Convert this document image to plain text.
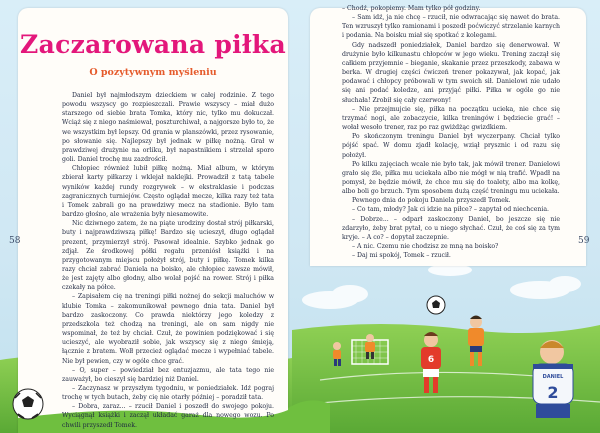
58	59
Zaczarowana piłka
O pozytywnym myśleniu

Daniel był najmłodszym dzieckiem w całej rodzinie. Z tego powodu wszyscy go rozpieszczali. Prawie wszyscy – miał dużo starszego od siebie brata Tomka, który nic, tylko mu dokuczał. Wciąż się z niego naśmiewał, poszturchiwał, a najgorsze było to, że we wszystkim był lepszy. Od grania w planszówki, przez rysowanie, po słowanie się. Najlepszy był jednak w piłkę nożną. Grał w prawdziwej drużynie na orliku, był napastnikiem i strzelał sporo goli. Daniel trochę mu zazdrościł.

Chłopiec również lubił piłkę nożną. Miał album, w którym zbierał karty piłkarzy i wklejał naklejki. Prowadził z tatą tabele wyników każdej rundy rozgrywek – w ekstraklasie i podczas zagranicznych turniejów. Często oglądał mecze, kilka razy też tata i Tomek zabrali go na prawdziwy mecz na stadionie. Było tam bardzo głośno, ale wrażenia były niesamowite.

Nic dziwnego zatem, że na piąte urodziny dostał strój piłkarski, buty i najprawdziwszą piłkę! Bardzo się ucieszył, długo oglądał prezent, przymierzył strój. Pasował idealnie. Szybko jednak go zdjął. Ze środkowej półki regału przeniósł książki i na przygotowanym miejscu położył strój, buty i piłkę. Tomek kilka razy chciał zabrać Daniela na boisko, ale chłopiec zawsze mówił, że jest zajęty albo głodny, albo wolał pojść na rower. Strój i piłka czekały na półce.

– Zapisałem cię na treningi piłki nożnej do sekcji maluchów w klubie Tomka – zakomunikował pewnego dnia tata. Daniel był bardzo zaskoczony. Co prawda niektórzy jego koledzy z przedszkola też chodzą na treningi, ale on sam nigdy nie wspominał, że też by chciał. Czuł, że powinien podziękować i się ucieszyć, ale wyobraził sobie, jak wszyscy się z niego śmieją, łącznie z bratem. Wolł przecież oglądać mecze i wypełniać tabele. Nie był pewien, czy w ogóle chce grać.

– O, super – powiedział bez entuzjazmu, ale tata tego nie zauważył, bo cieszył się bardziej niż Daniel.

– Zaczynasz w przyszłym tygodniu, w poniedziałek. Idź pograj trochę w tych butach, żeby cię nie otarły później – poradził tata.

– Dobra, zaraz... – rzucił Daniel i poszedł do swojego pokoju. Wyciągnął książki i zaczął układać garaż dla nowego wozu. Po chwili przyszedł Tomek.

– Chodź, pokopiemy. Mam tylko pół godziny.

– Sam idź, ja nie chcę – rzucił, nie odwracając się nawet do brata. Ten wzruszył tylko ramionami i poszedł poćwiczyć strzelanie karnych i podania. Na boisku miał się spotkać z kolegami.

Gdy nadszedł poniedziałek, Daniel bardzo się denerwował. W drużynie było kilkunastu chłopców w jego wieku. Trening zaczął się całkiem przyjemnie – bieganie, skakanie przez przeszkody, zabawa w berka. W drugiej części ćwiczeń trener pokazywał, jak kopać, jak podawać i chłopcy próbowali w tym swoich sił. Danielowi nie udało się ani podać koledze, ani przyjąć piłki. Piłka w ogóle go nie słuchała! Zrobił się cały czerwony!

– Nie przejmujcie się, piłka na początku ucieka, nie chce się trzymać nogi, ale zobaczycie, kilka treningów i będziecie grać! – wołał wesoło trener, raz po raz gwiżdżąc gwizdkiem.

Po skończonym treningu Daniel był wyczerpany. Chciał tylko pójść spać. W domu zjadł kolację, wziął prysznic i od razu się położył.

Po kilku zajęciach wcale nie było tak, jak mówił trener. Danielowi grało się źle, piłka mu uciekała albo nie mógł w nią trafić. Wpadł na pomysł, że będzie mówił, że chce mu się do toalety, albo ma kolkę, albo boli go brzuch. Tym sposobem dużą część treningu mu uciekała.

Pewnego dnia do pokoju Daniela przyszedł Tomek.

– Co tam, młody? Jak ci idzie na piłce? – zapytał od niechcenia.

– Dobrze... – odparł zaskoczony Daniel, bo jeszcze się nie zdarzyło, żeby brat pytał, co u niego słychać. Czuł, że coś się za tym kryje. – A co? – dopytał zaczepnie.

– A nic. Czemu nie chodzisz ze mną na boisko?

– Daj mi spokój, Tomek – rzucił.

6
DANIEL
2
